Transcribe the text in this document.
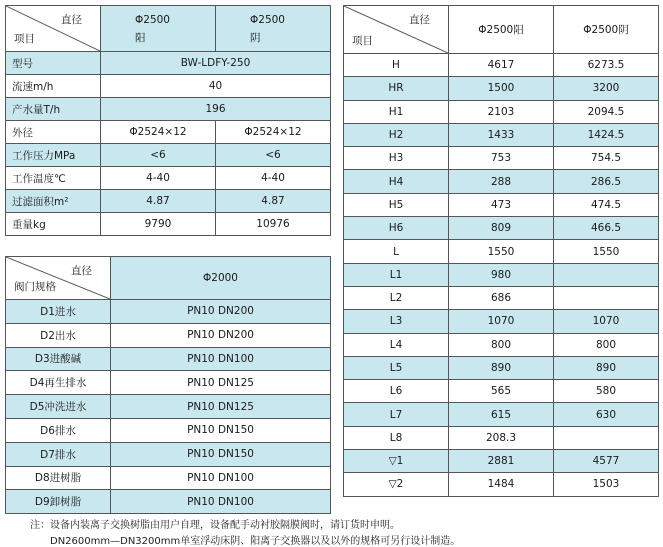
直径
项目	Φ2500
阳	Φ2500
阴

型号	BW-LDFY-250	
流速m/h	40	
产水量T/h	196	
外径	Φ2524×12	Φ2524×12
工作压力MPa	<6	<6
工作温度℃	4-40	4-40
过滤面积m²	4.87	4.87
重量kg	9790	10976
直径
阀门规格	Φ2000
D1进水	PN10 DN200
D2出水	PN10 DN200
D3进酸碱	PN10 DN100
D4再生排水	PN10 DN125
D5冲洗进水	PN10 DN125
D6排水	PN10 DN150
D7排水	PN10 DN150
D8进树脂	PN10 DN100
D9卸树脂	PN10 DN100
直径
项目	Φ2500阳	Φ2500阴
H	4617	6273.5
HR	1500	3200
H1	2103	2094.5
H2	1433	1424.5
H3	753	754.5
H4	288	286.5
H5	473	474.5
H6	809	466.5
L	1550	1550
L1	980	
L2	686	
L3	1070	1070
L4	800	800
L5	890	890
L6	565	580
L7	615	630
L8	208.3	
▽1	2881	4577
▽2	1484	1503
注：设备内装离子交换树脂由用户自理，设备配手动衬胶隔膜阀时，请订货时申明。
DN2600mm—DN3200mm单室浮动床阴、阳离子交换器以及以外的规格可另行设计制造。
